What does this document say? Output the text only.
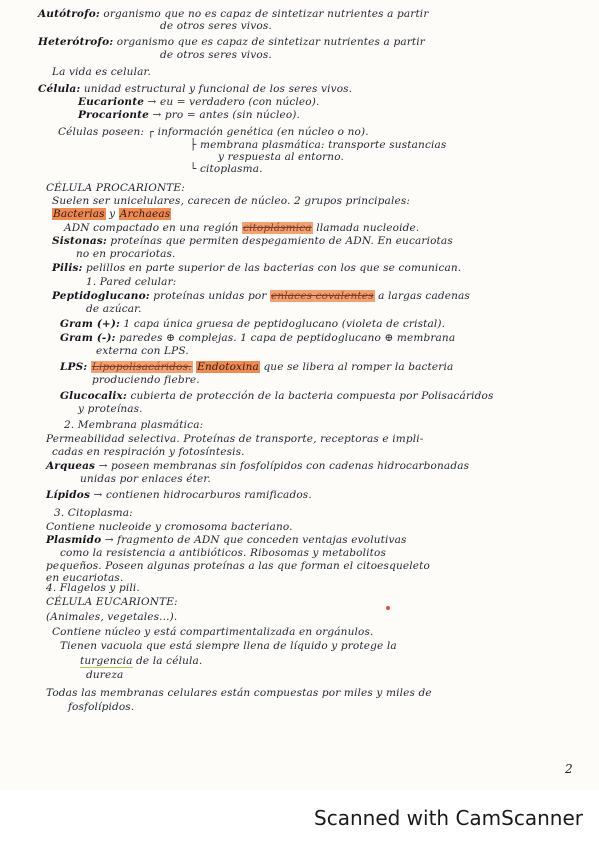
Autótrofo: organismo que no es capaz de sintetizar nutrientes a partir
de otros seres vivos.
Heterótrofo: organismo que es capaz de sintetizar nutrientes a partir
de otros seres vivos.
La vida es celular.
Célula: unidad estructural y funcional de los seres vivos.
Eucarionte → eu = verdadero (con núcleo).
Procarionte → pro = antes (sin núcleo).
Células poseen: ┌ información genética (en núcleo o no).
├ membrana plasmática: transporte sustancias
y respuesta al entorno.
└ citoplasma.
CÉLULA PROCARIONTE:
Suelen ser unicelulares, carecen de núcleo. 2 grupos principales:
Bacterias y Archaeas
ADN compactado en una región citoplásmica llamada nucleoide.
Sistonas: proteínas que permiten despegamiento de ADN. En eucariotas
no en procariotas.
Pilis: pelillos en parte superior de las bacterias con los que se comunican.
1. Pared celular:
Peptidoglucano: proteínas unidas por enlaces covalentes a largas cadenas
de azúcar.
Gram (+): 1 capa única gruesa de peptidoglucano (violeta de cristal).
Gram (-): paredes ⊕ complejas. 1 capa de peptidoglucano ⊕ membrana
externa con LPS.
LPS: Lipopolisacáridos. Endotoxina que se libera al romper la bacteria
produciendo fiebre.
Glucocalix: cubierta de protección de la bacteria compuesta por Polisacáridos
y proteínas.
2. Membrana plasmática:
Permeabilidad selectiva. Proteínas de transporte, receptoras e impli-
cadas en respiración y fotosíntesis.
Arqueas → poseen membranas sin fosfolípidos con cadenas hidrocarbonadas
unidas por enlaces éter.
Lípidos → contienen hidrocarburos ramificados.
3. Citoplasma:
Contiene nucleoide y cromosoma bacteriano.
Plasmido → fragmento de ADN que conceden ventajas evolutivas
como la resistencia a antibióticos. Ribosomas y metabolitos
pequeños. Poseen algunas proteínas a las que forman el citoesqueleto
en eucariotas.
4. Flagelos y pili.
CÉLULA EUCARIONTE:
(Animales, vegetales...).
Contiene núcleo y está compartimentalizada en orgánulos.
Tienen vacuola que está siempre llena de líquido y protege la
turgencia de la célula.
dureza
Todas las membranas celulares están compuestas por miles y miles de
fosfolípidos.
2
Scanned with CamScanner
